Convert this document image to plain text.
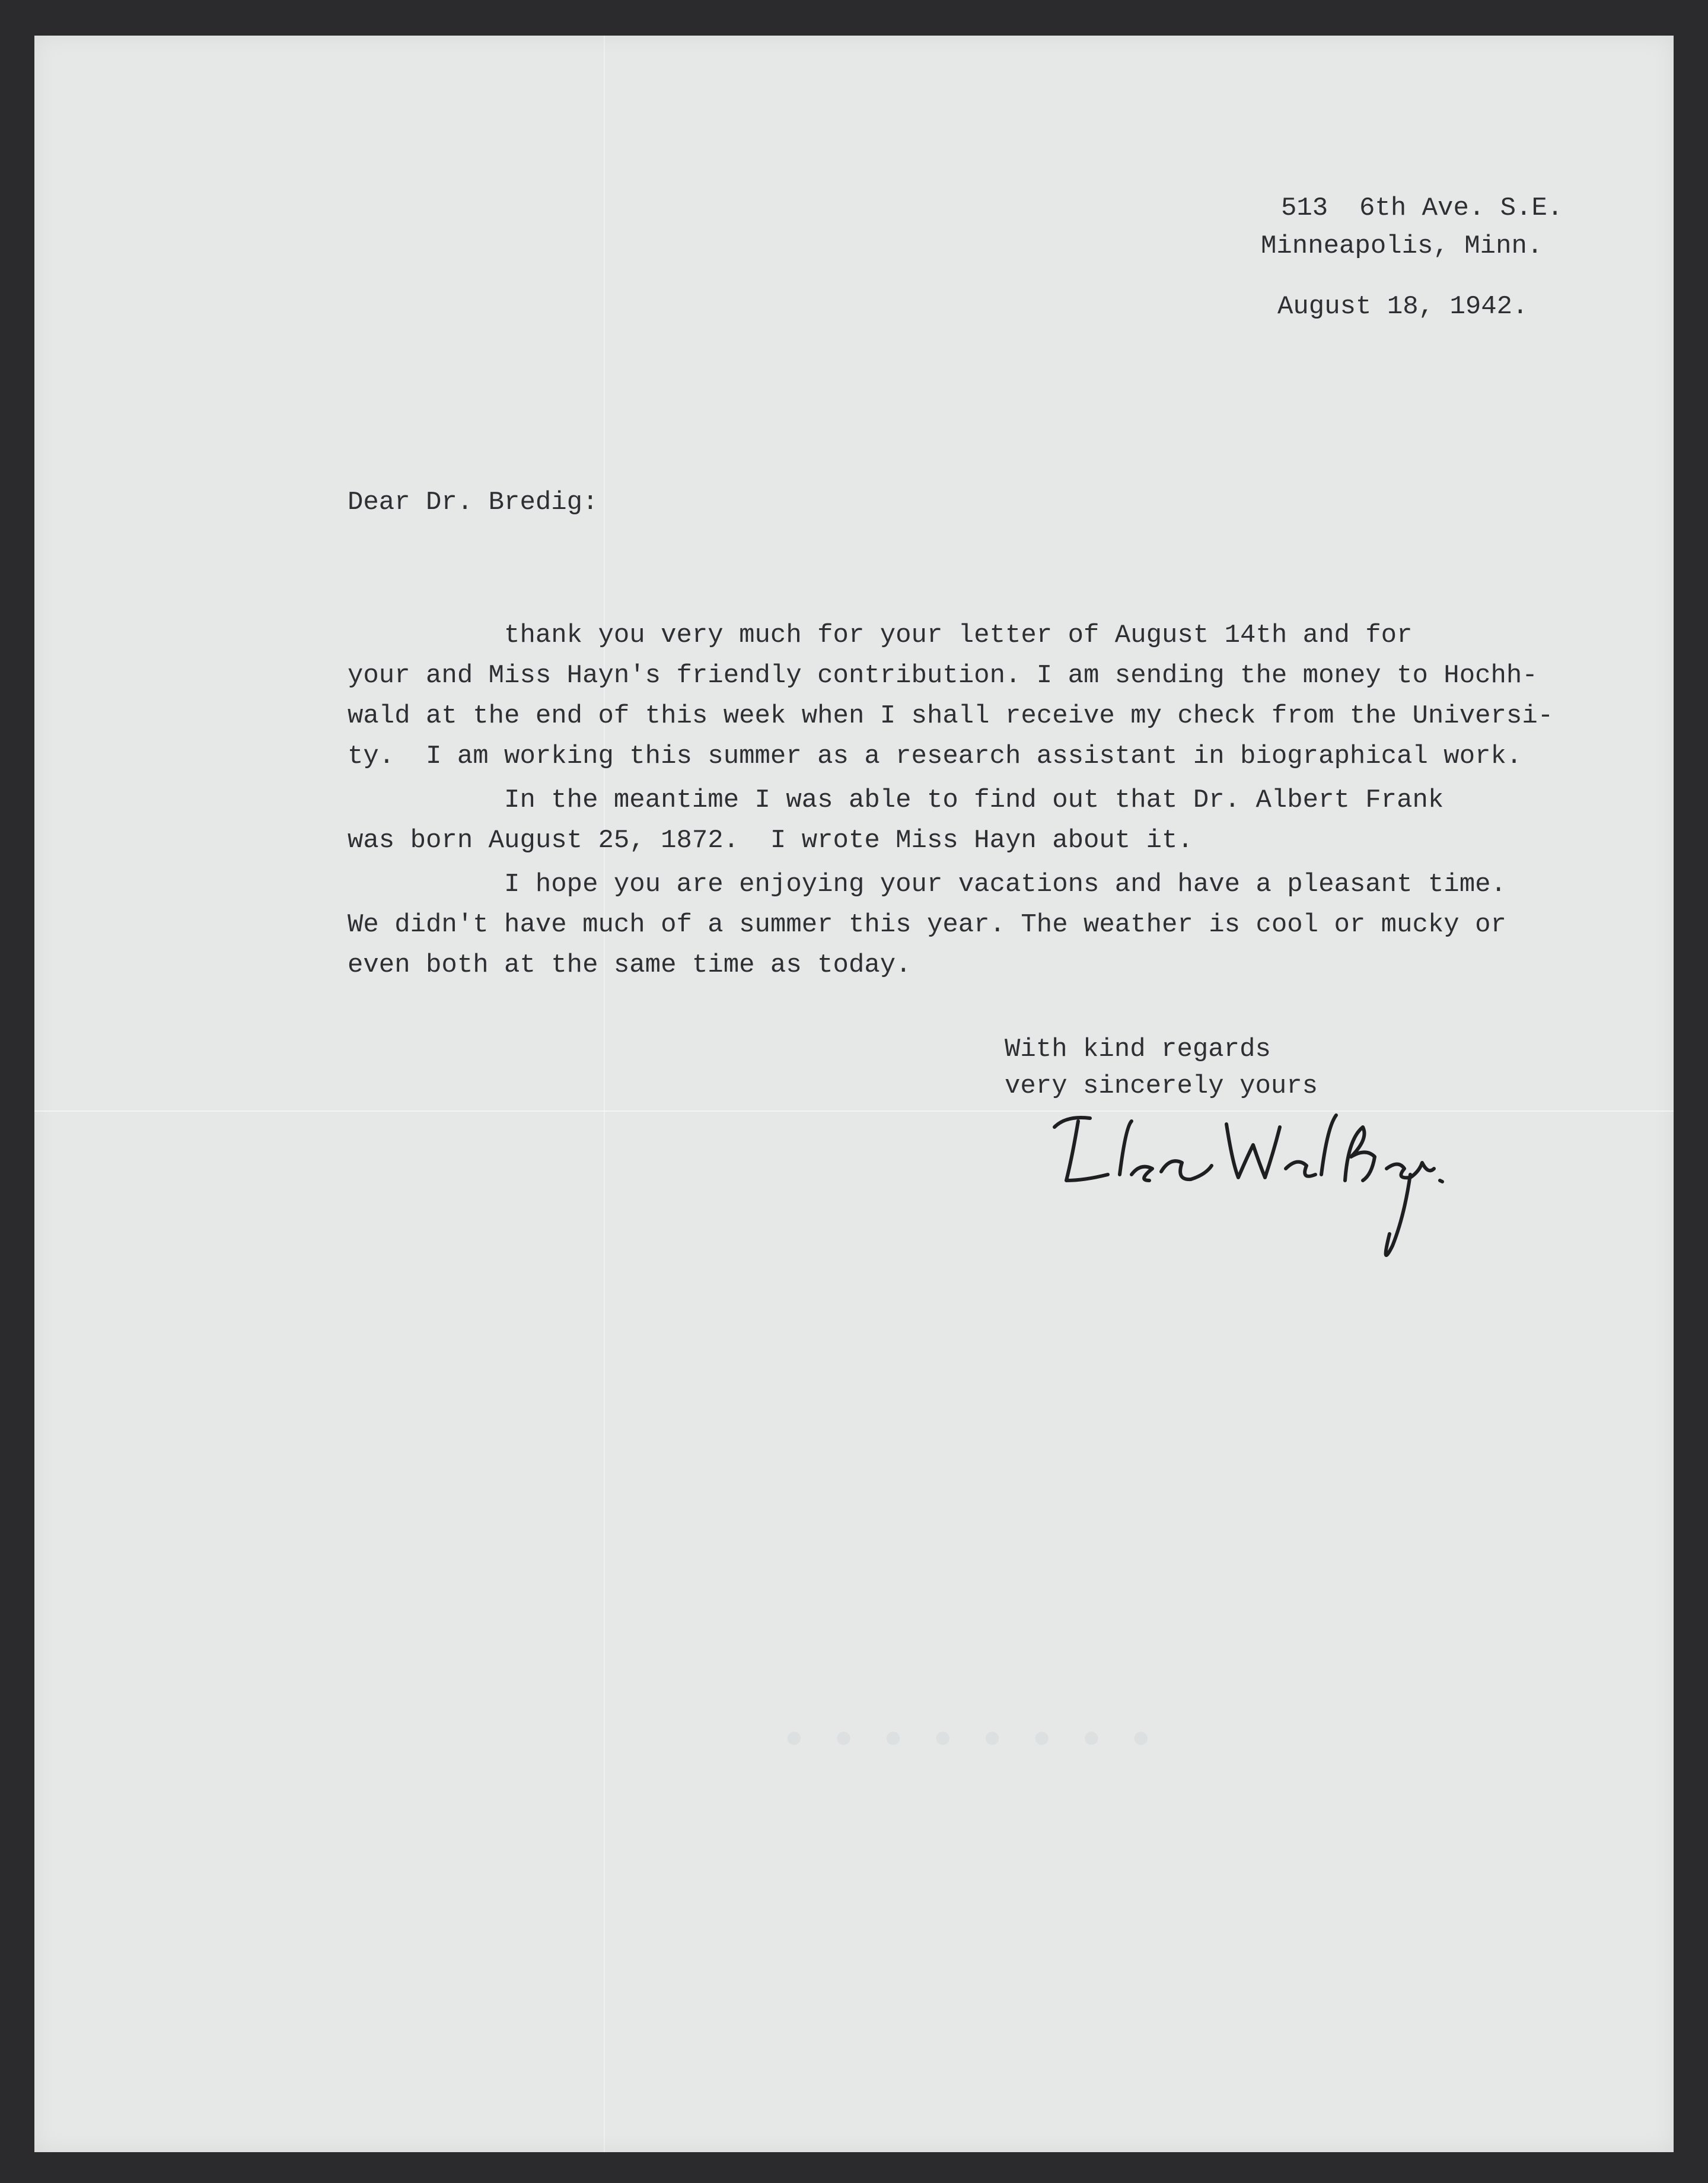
· · · · · · · ·
513  6th Ave. S.E.
Minneapolis, Minn.
August 18, 1942.
Dear Dr. Bredig:
thank you very much for your letter of August 14th and for
your and Miss Hayn's friendly contribution. I am sending the money to Hochh-
wald at the end of this week when I shall receive my check from the Universi-
ty.  I am working this summer as a research assistant in biographical work.
In the meantime I was able to find out that Dr. Albert Frank
was born August 25, 1872.  I wrote Miss Hayn about it.
I hope you are enjoying your vacations and have a pleasant time.
We didn't have much of a summer this year. The weather is cool or mucky or
even both at the same time as today.
With kind regards
very sincerely yours
